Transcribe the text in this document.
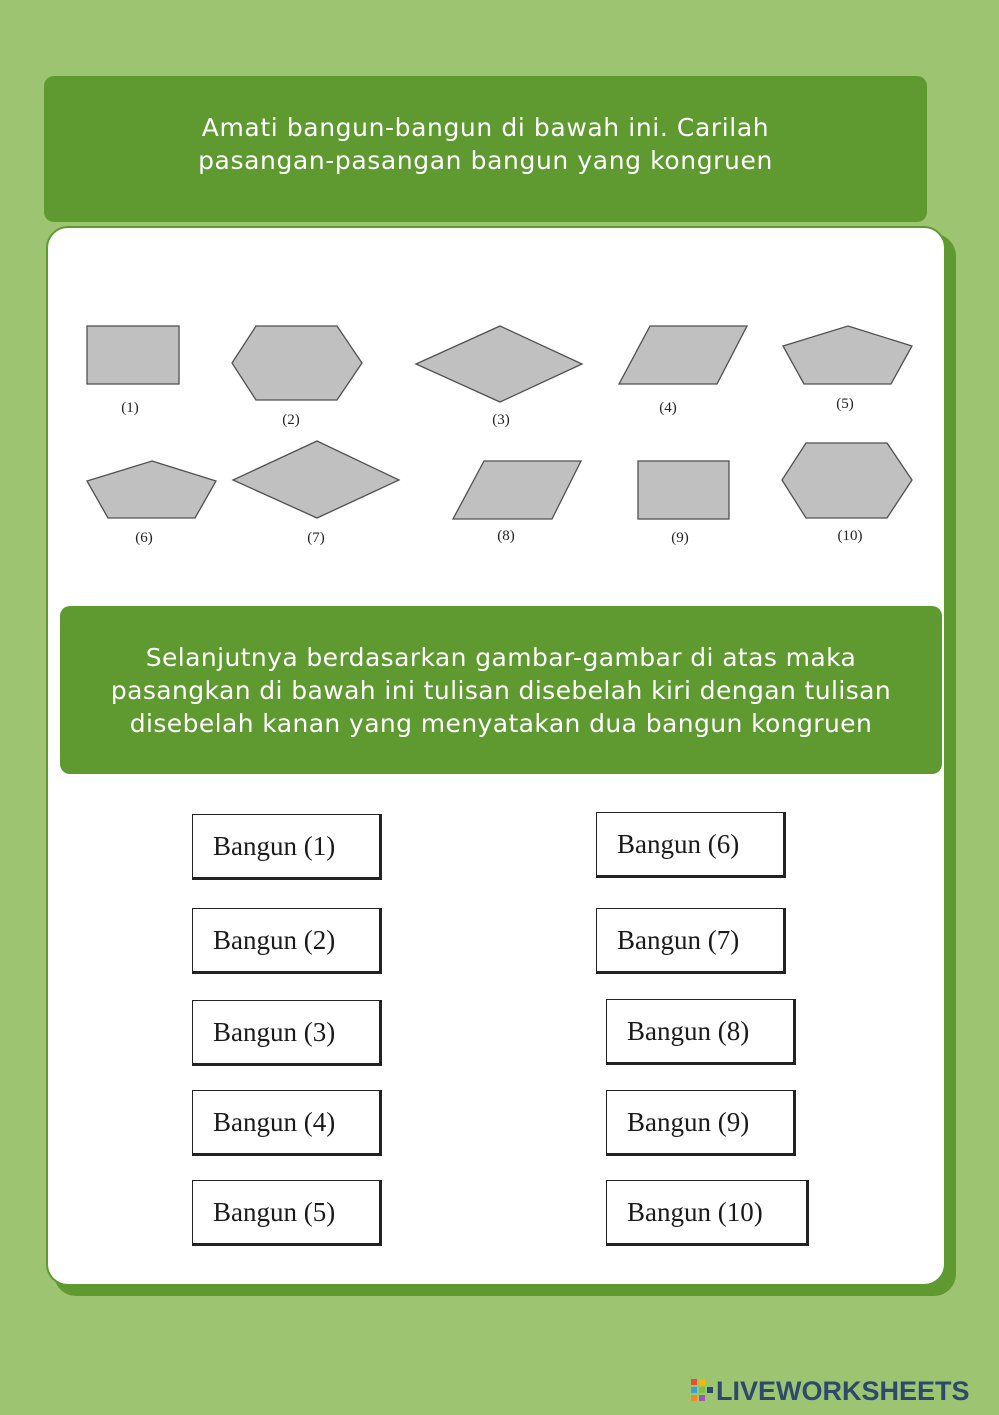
Amati bangun-bangun di bawah ini. Carilah pasangan-pasangan bangun yang kongruen
(1)
(2)	(3)
(4)	(5)
(6)	(7)	(8)	(9)	(10)
Selanjutnya berdasarkan gambar-gambar di atas maka pasangkan di bawah ini tulisan disebelah kiri dengan tulisan disebelah kanan yang menyatakan dua bangun kongruen
Bangun (1)
Bangun (2)
Bangun (3)
Bangun (4)
Bangun (5)
Bangun (6)
Bangun (7)
Bangun (8)
Bangun (9)
Bangun (10)
LIVEWORKSHEETS
